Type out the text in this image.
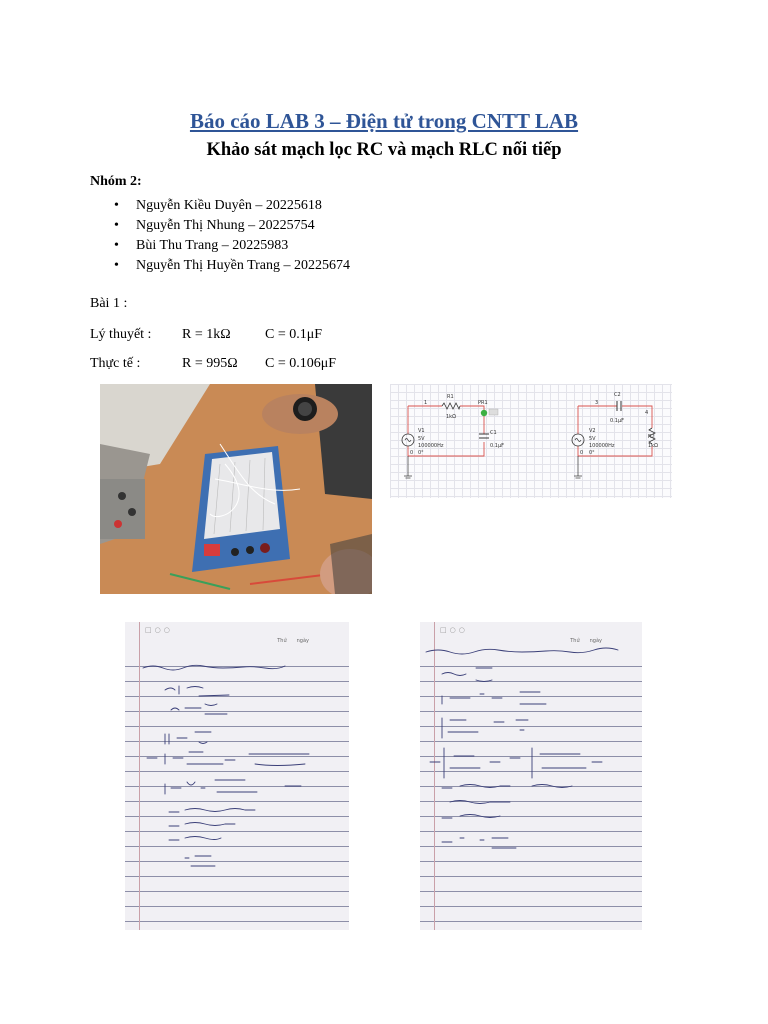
Báo cáo LAB 3 – Điện tử trong CNTT LAB
Khảo sát mạch lọc RC và mạch RLC nối tiếp
Nhóm 2:
• Nguyễn Kiều Duyên – 20225618
• Nguyễn Thị Nhung – 20225754
• Bùi Thu Trang – 20225983
• Nguyễn Thị Huyền Trang – 20225674
Bài 1 :
Lý thuyết : R = 1kΩ C = 0.1μF
Thực tế :	R = 995Ω C = 0.106μF
R1
1kΩ
1	PR1
C1
0.1μF
V1
5V
100000Hz
0°
0
C2
0.1μF
3
4
R2
1kΩ
V2
5V
100000Hz
0°
0
□○○
Thứ ngày
□○○
Thứ ngày
